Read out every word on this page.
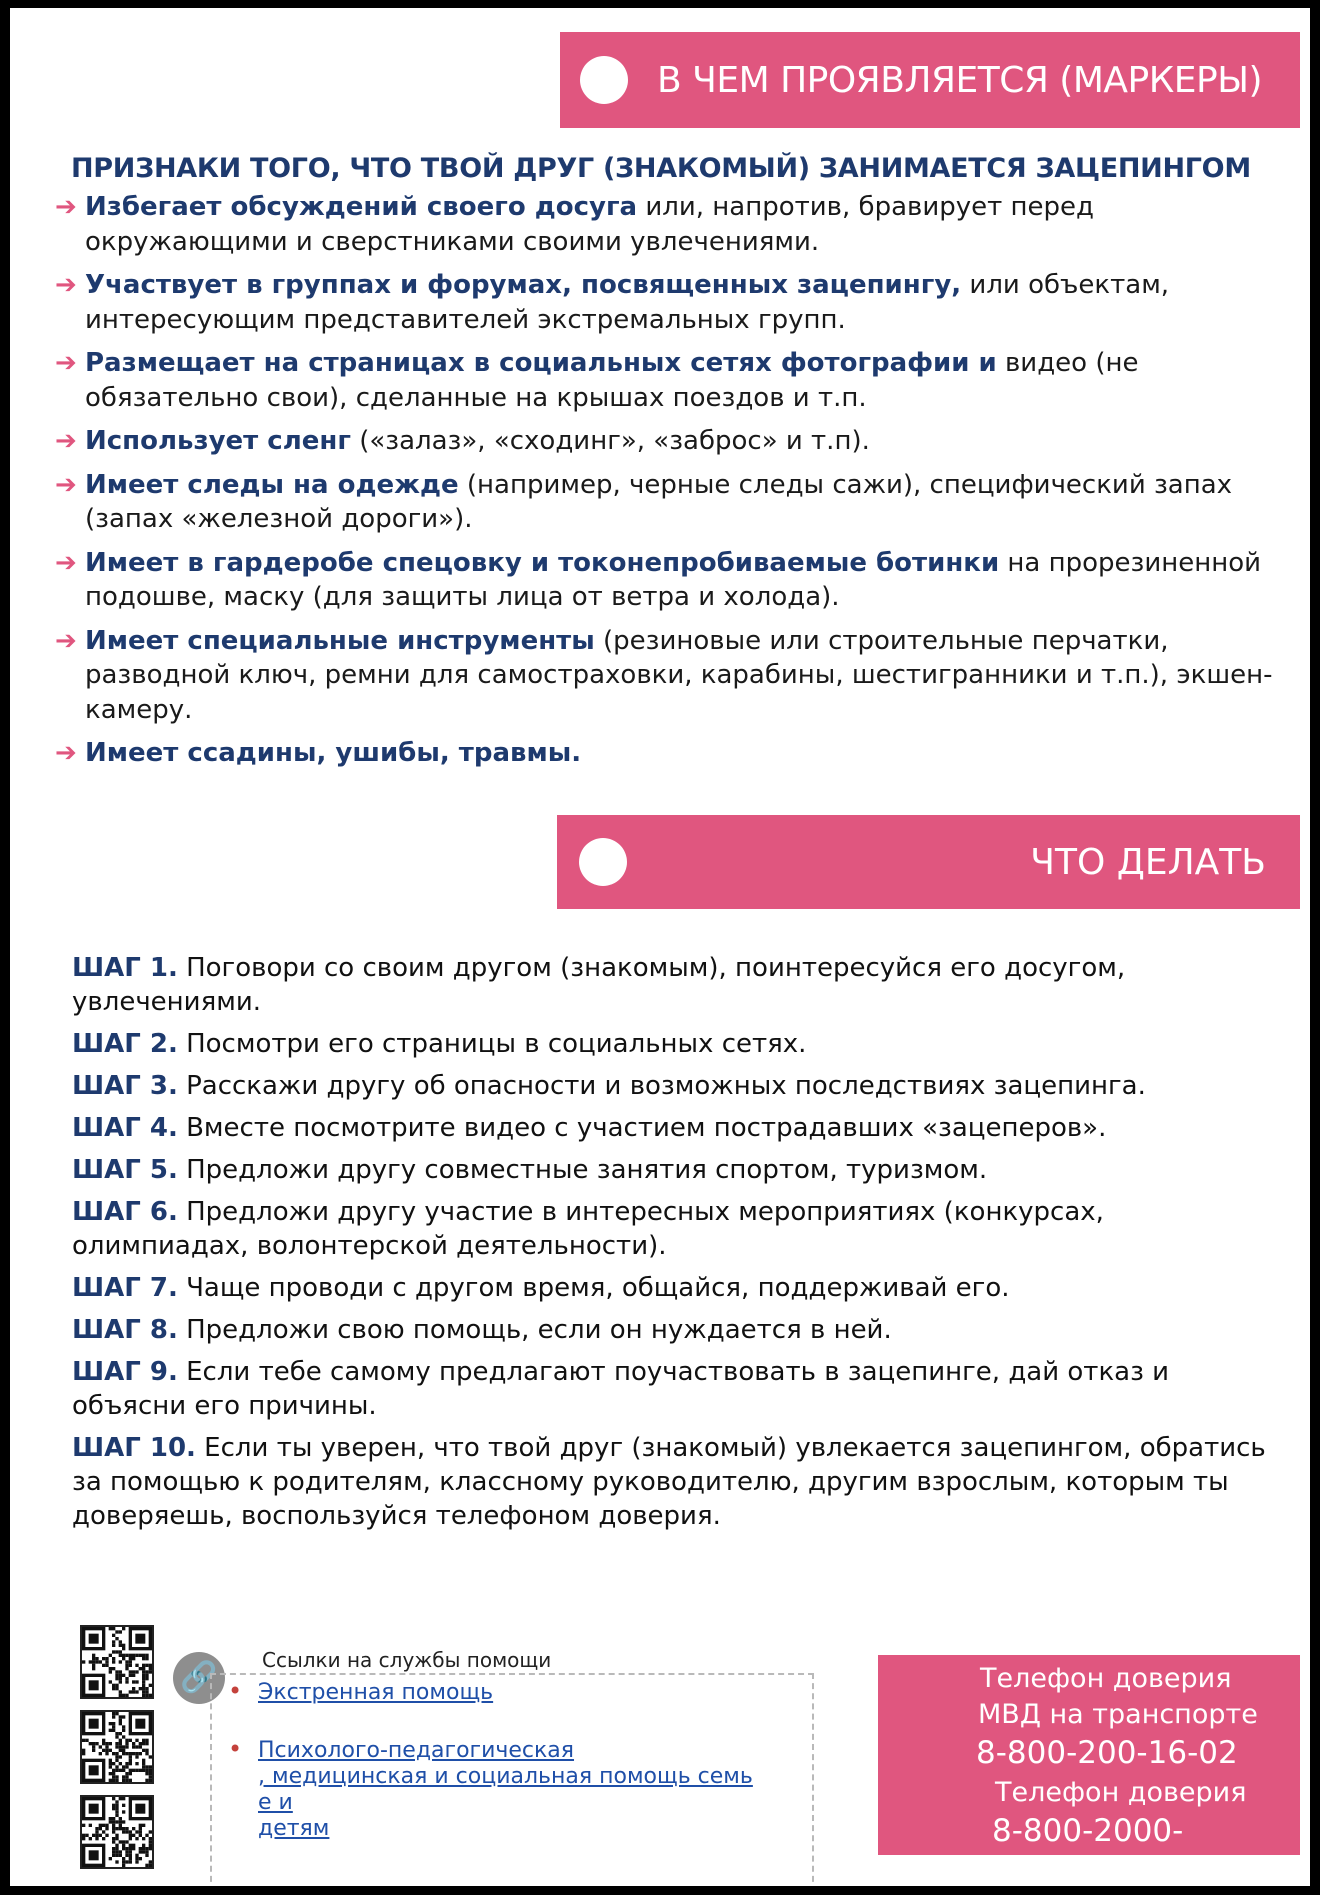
В ЧЕМ ПРОЯВЛЯЕТСЯ (МАРКЕРЫ)
ПРИЗНАКИ ТОГО, ЧТО ТВОЙ ДРУГ (ЗНАКОМЫЙ) ЗАНИМАЕТСЯ ЗАЦЕПИНГОМ
➔ Избегает обсуждений своего досуга или, напротив, бравирует перед окружающими и сверстниками своими увлечениями.
➔ Участвует в группах и форумах, посвященных зацепингу, или объектам, интересующим представителей экстремальных групп.
➔ Размещает на страницах в социальных сетях фотографии и видео (не обязательно свои), сделанные на крышах поездов и т.п.
➔ Использует сленг («залаз», «сходинг», «заброс» и т.п).
➔ Имеет следы на одежде (например, черные следы сажи), специфический запах (запах «железной дороги»).
➔ Имеет в гардеробе спецовку и токонепробиваемые ботинки на прорезиненной подошве, маску (для защиты лица от ветра и холода).
➔ Имеет специальные инструменты (резиновые или строительные перчатки, разводной ключ, ремни для самостраховки, карабины, шестигранники и т.п.), экшен-камеру.
➔ Имеет ссадины, ушибы, травмы.
ЧТО ДЕЛАТЬ
ШАГ 1. Поговори со своим другом (знакомым), поинтересуйся его досугом, увлечениями.
ШАГ 2. Посмотри его страницы в социальных сетях.
ШАГ 3. Расскажи другу об опасности и возможных последствиях зацепинга.
ШАГ 4. Вместе посмотрите видео с участием пострадавших «зацеперов».
ШАГ 5. Предложи другу совместные занятия спортом, туризмом.
ШАГ 6. Предложи другу участие в интересных мероприятиях (конкурсах, олимпиадах, волонтерской деятельности).
ШАГ 7. Чаще проводи с другом время, общайся, поддерживай его.
ШАГ 8. Предложи свою помощь, если он нуждается в ней.
ШАГ 9. Если тебе самому предлагают поучаствовать в зацепинге, дай отказ и объясни его причины.
ШАГ 10. Если ты уверен, что твой друг (знакомый) увлекается зацепингом, обратись за помощью к родителям, классному руководителю, другим взрослым, которым ты доверяешь, воспользуйся телефоном доверия.
🔗	Ссылки на службы помощи
• Экстренная помощь
• Психолого-педагогическая
, медицинская и социальная помощь семь
е и
детям
Телефон доверия
МВД на транспорте
8-800-200-16-02
Телефон доверия
8-800-2000-
